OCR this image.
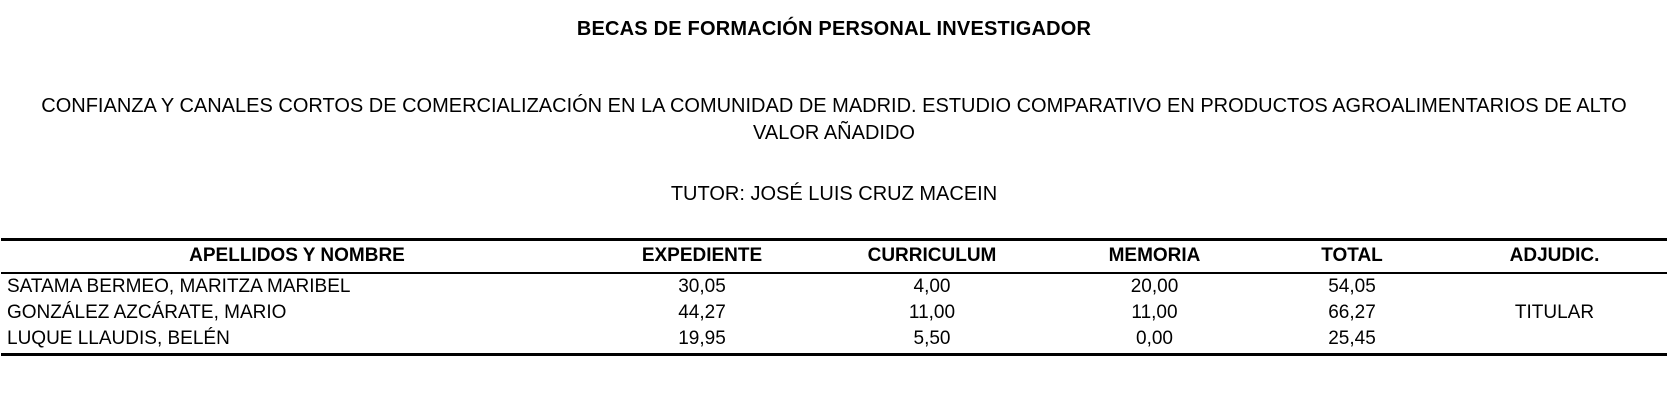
BECAS DE FORMACIÓN PERSONAL INVESTIGADOR
CONFIANZA Y CANALES CORTOS DE COMERCIALIZACIÓN EN LA COMUNIDAD DE MADRID. ESTUDIO COMPARATIVO EN PRODUCTOS AGROALIMENTARIOS DE ALTO VALOR AÑADIDO
TUTOR: JOSÉ LUIS CRUZ MACEIN
APELLIDOS Y NOMBRE	EXPEDIENTE	CURRICULUM	MEMORIA	TOTAL	ADJUDIC.
SATAMA BERMEO, MARITZA MARIBEL	30,05	4,00	20,00	54,05	
GONZÁLEZ AZCÁRATE, MARIO	44,27	11,00	11,00	66,27	TITULAR
LUQUE LLAUDIS, BELÉN	19,95	5,50	0,00	25,45	
